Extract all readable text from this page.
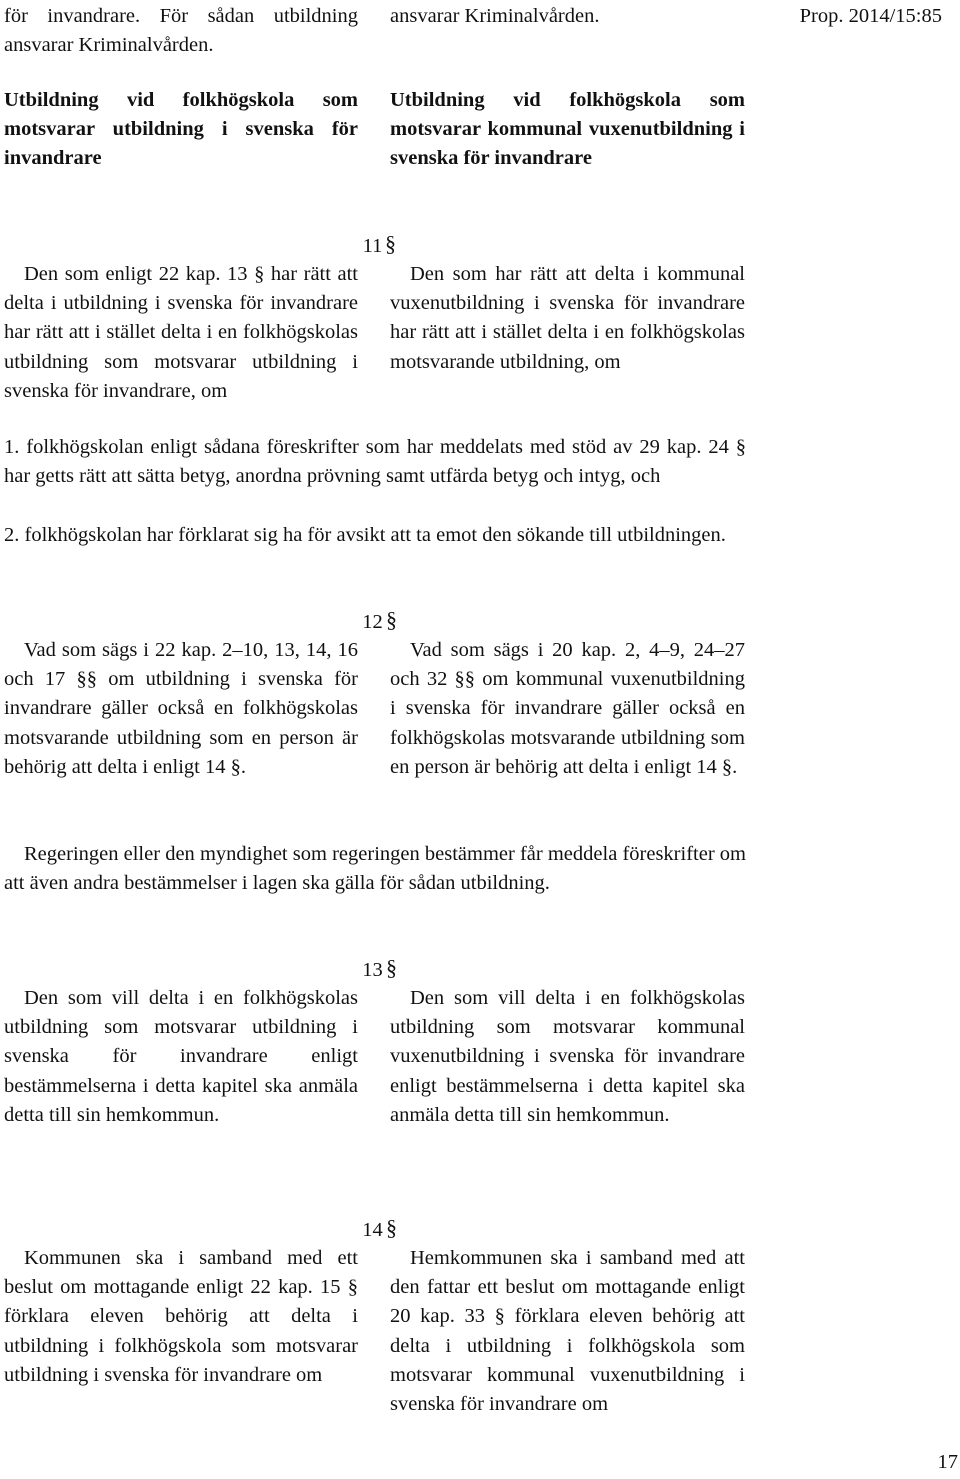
Prop. 2014/15:85
för invandrare. För sådan utbildning ansvarar Kriminalvården.
ansvarar Kriminalvården.
Utbildning vid folkhögskola som motsvarar utbildning i svenska för invandrare
Utbildning vid folkhögskola som motsvarar kommunal vuxenutbildning i svenska för invandrare
11 §
Den som enligt 22 kap. 13 § har rätt att delta i utbildning i svenska för invandrare har rätt att i stället delta i en folkhögskolas utbildning som motsvarar utbildning i svenska för invandrare, om
Den som har rätt att delta i kommunal vuxenutbildning i svenska för invandrare har rätt att i stället delta i en folkhögskolas motsvarande utbildning, om
1. folkhögskolan enligt sådana föreskrifter som har meddelats med stöd av 29 kap. 24 § har getts rätt att sätta betyg, anordna prövning samt utfärda betyg och intyg, och
2. folkhögskolan har förklarat sig ha för avsikt att ta emot den sökande till utbildningen.
12 §
Vad som sägs i 22 kap. 2–10, 13, 14, 16 och 17 §§ om utbildning i svenska för invandrare gäller också en folkhögskolas motsvarande utbildning som en person är behörig att delta i enligt 14 §.
Vad som sägs i 20 kap. 2, 4–9, 24–27 och 32 §§ om kommunal vuxenutbildning i svenska för invandrare gäller också en folkhögskolas motsvarande utbildning som en person är behörig att delta i enligt 14 §.
Regeringen eller den myndighet som regeringen bestämmer får meddela föreskrifter om att även andra bestämmelser i lagen ska gälla för sådan utbildning.
13 §
Den som vill delta i en folkhögskolas utbildning som motsvarar utbildning i svenska för invandrare enligt bestämmelserna i detta kapitel ska anmäla detta till sin hemkommun.
Den som vill delta i en folkhögskolas utbildning som motsvarar kommunal vuxenutbildning i svenska för invandrare enligt bestämmelserna i detta kapitel ska anmäla detta till sin hemkommun.
14 §
Kommunen ska i samband med ett beslut om mottagande enligt 22 kap. 15 § förklara eleven behörig att delta i utbildning i folkhögskola som motsvarar utbildning i svenska för invandrare om
Hemkommunen ska i samband med att den fattar ett beslut om mottagande enligt 20 kap. 33 § förklara eleven behörig att delta i utbildning i folkhögskola som motsvarar kommunal vuxenutbildning i svenska för invandrare om
17
